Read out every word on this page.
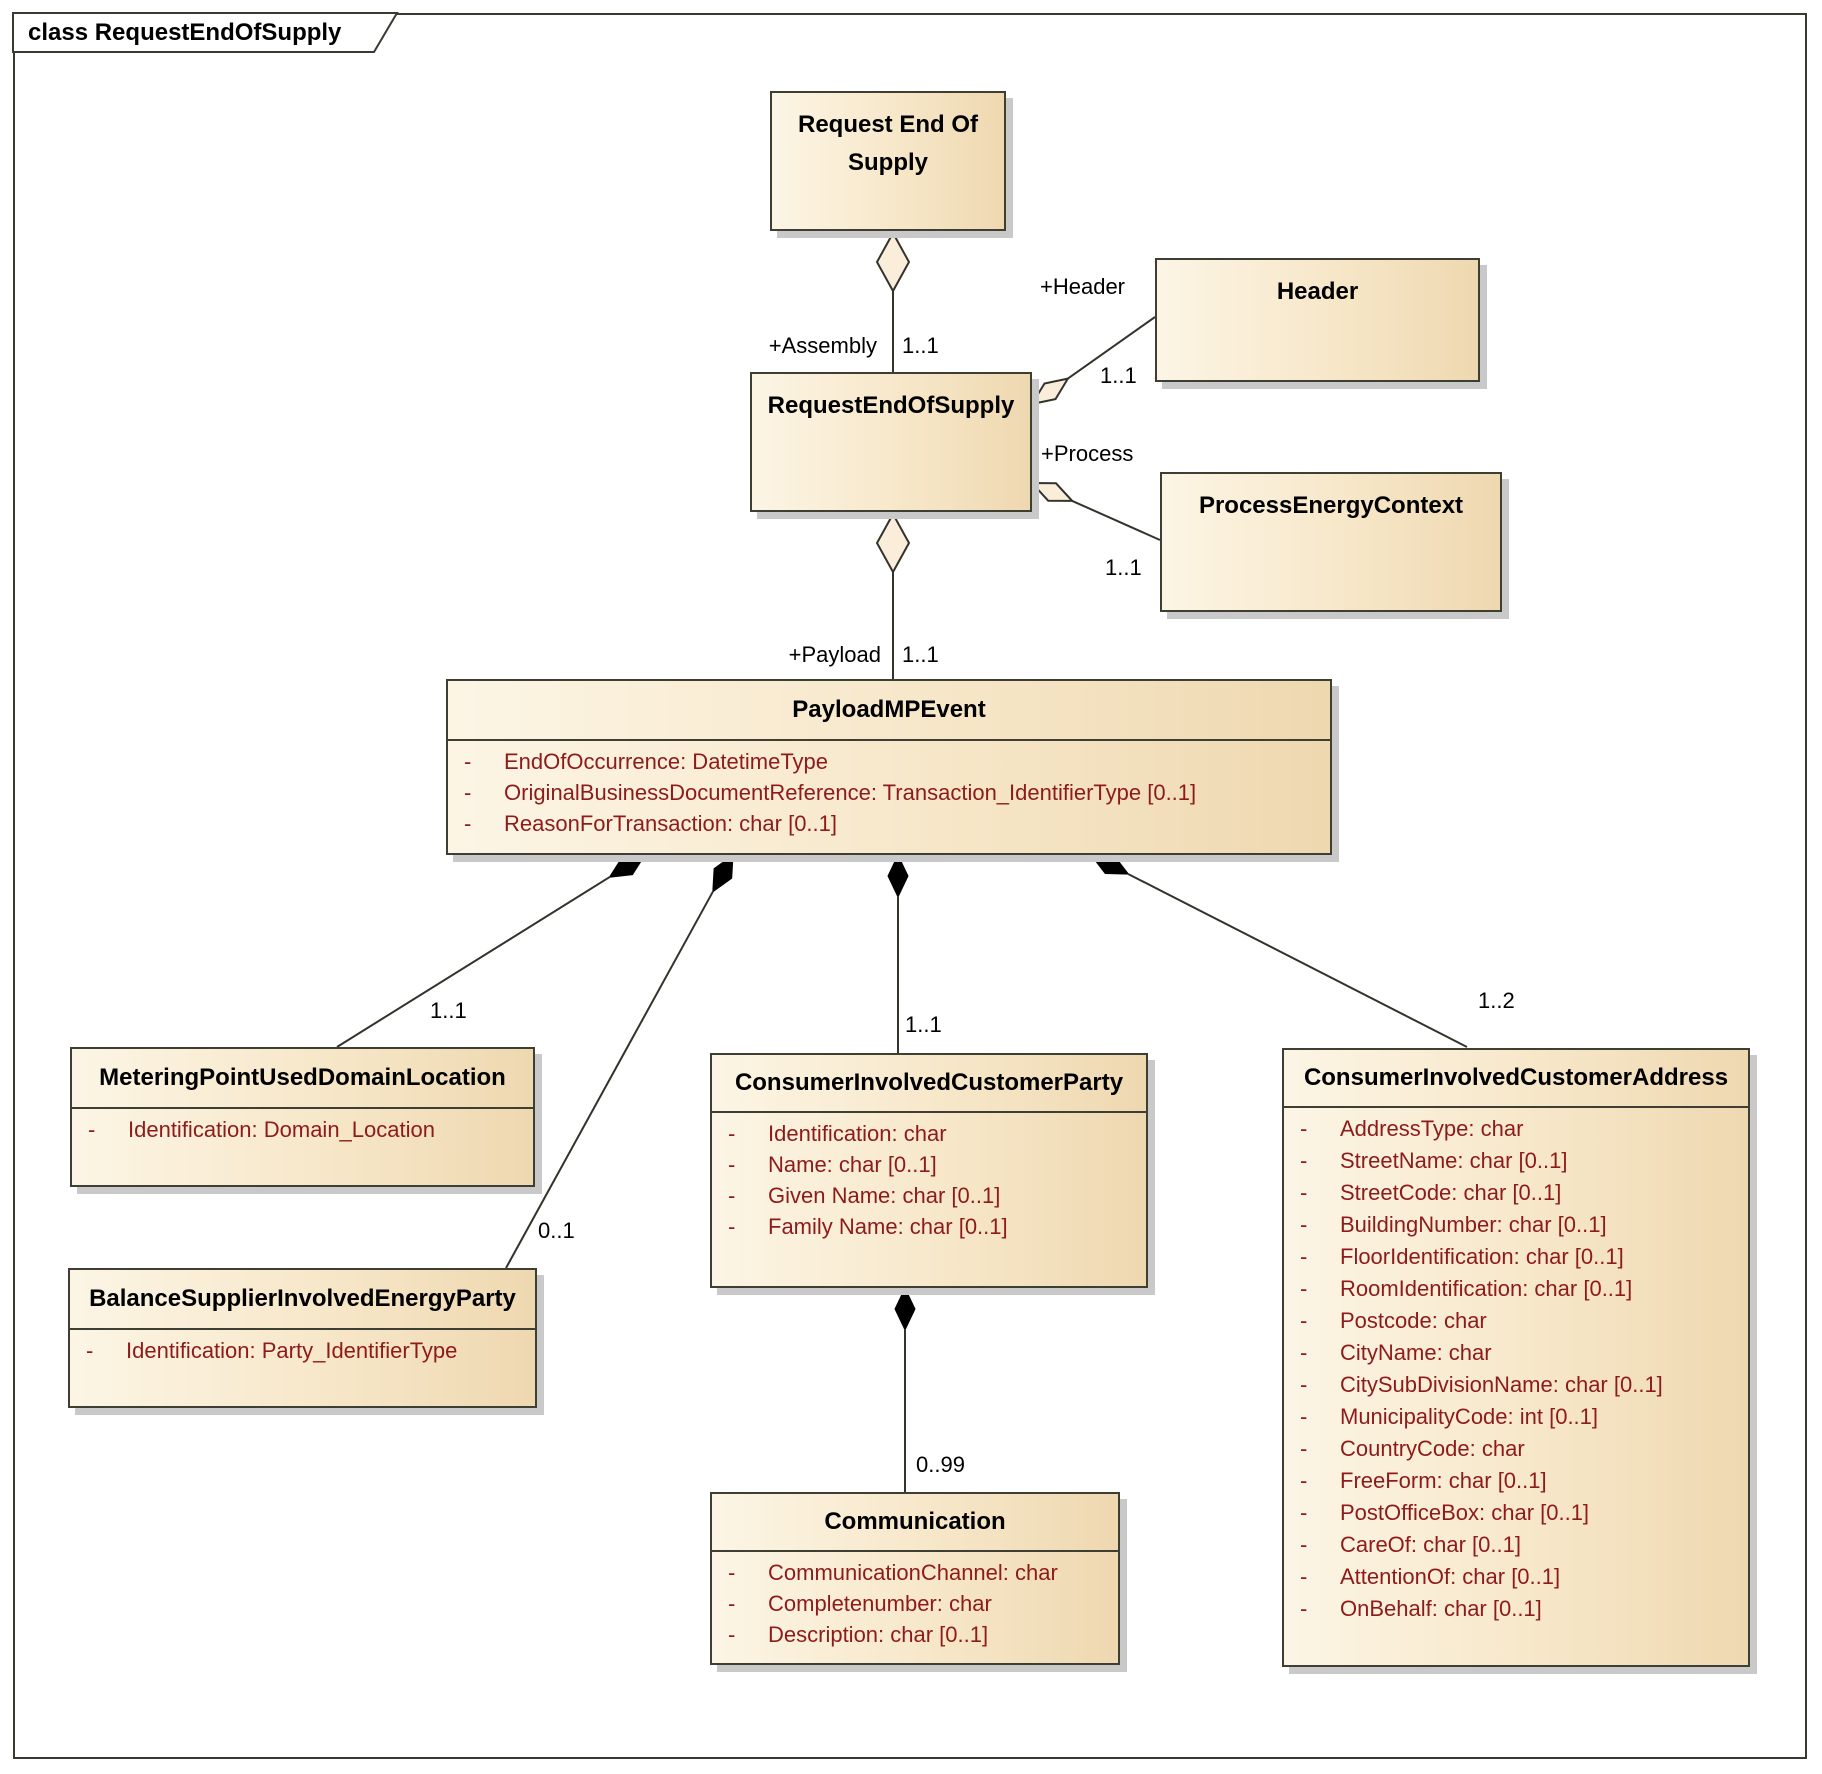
class RequestEndOfSupply
Request End Of Supply
RequestEndOfSupply
Header
ProcessEnergyContext
PayloadMPEvent
- EndOfOccurrence: DatetimeType
- OriginalBusinessDocumentReference: Transaction_IdentifierType [0..1]
- ReasonForTransaction: char [0..1]
MeteringPointUsedDomainLocation
- Identification: Domain_Location
BalanceSupplierInvolvedEnergyParty
- Identification: Party_IdentifierType
ConsumerInvolvedCustomerParty
- Identification: char
- Name: char [0..1]
- Given Name: char [0..1]
- Family Name: char [0..1]
Communication
- CommunicationChannel: char
- Completenumber: char
- Description: char [0..1]
ConsumerInvolvedCustomerAddress
- AddressType: char
- StreetName: char [0..1]
- StreetCode: char [0..1]
- BuildingNumber: char [0..1]
- FloorIdentification: char [0..1]
- RoomIdentification: char [0..1]
- Postcode: char
- CityName: char
- CitySubDivisionName: char [0..1]
- MunicipalityCode: int [0..1]
- CountryCode: char
- FreeForm: char [0..1]
- PostOfficeBox: char [0..1]
- CareOf: char [0..1]
- AttentionOf: char [0..1]
- OnBehalf: char [0..1]
+Assembly 1..1
+Header
1..1
+Process
1..1
+Payload 1..1
1..1
0..1
1..1
1..2
0..99
